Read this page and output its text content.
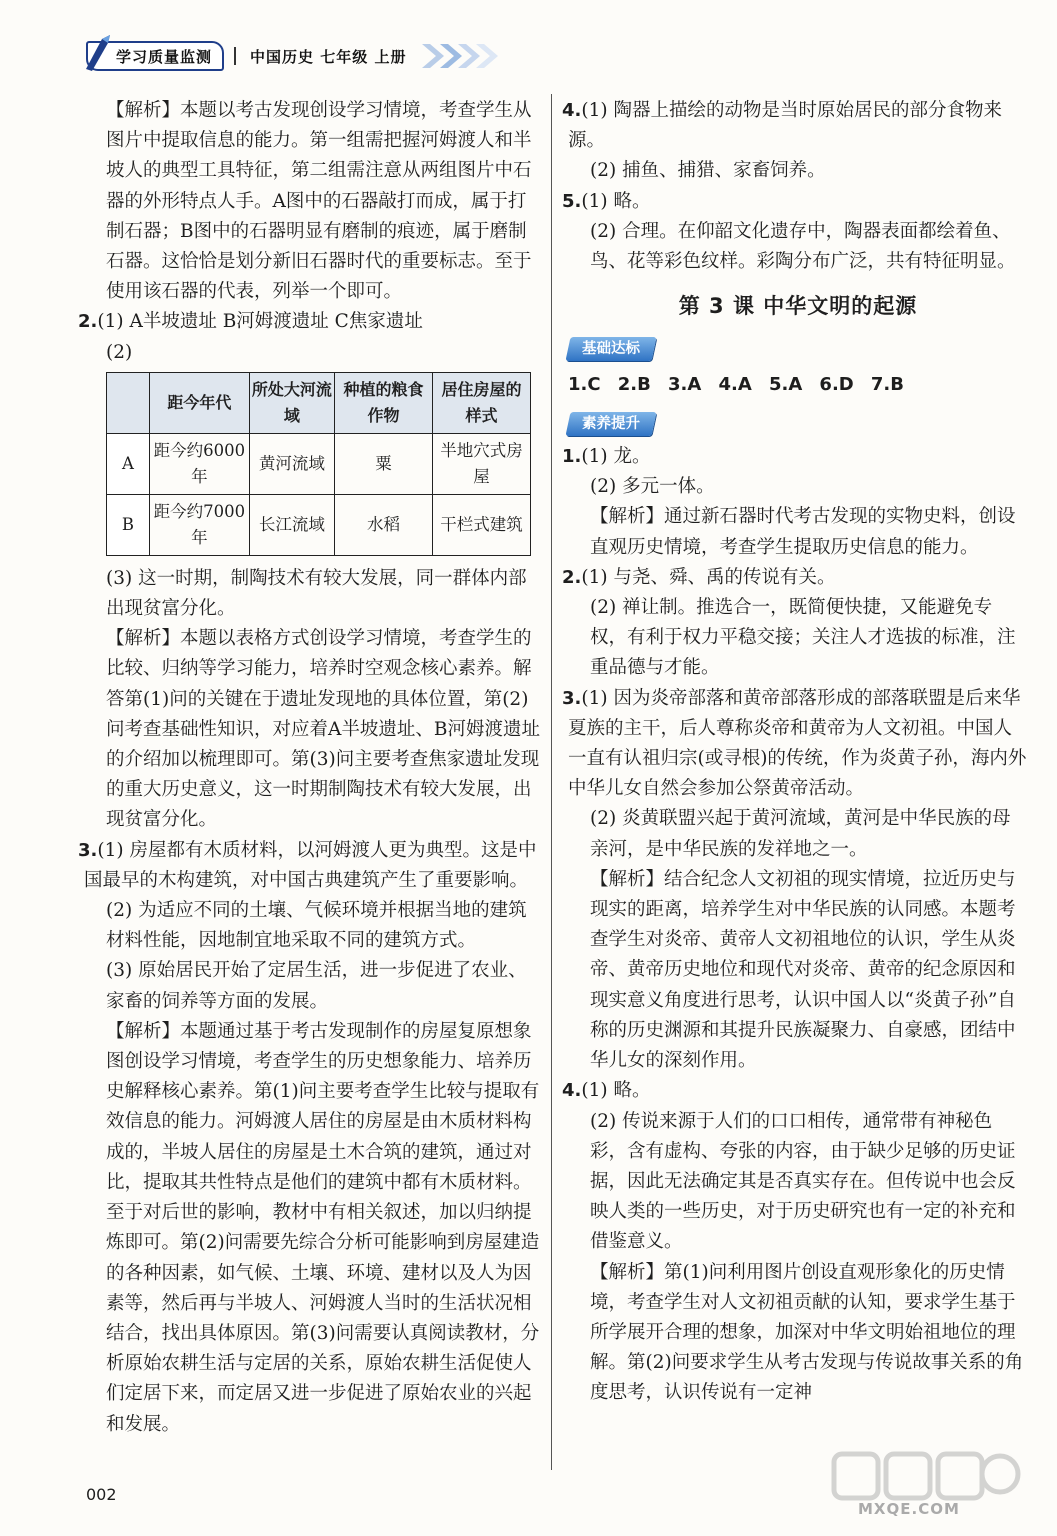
学习质量监测	中国历史 七年级 上册

【解析】本题以考古发现创设学习情境，考查学生从图片中提取信息的能力。第一组需把握河姆渡人和半坡人的典型工具特征，第二组需注意从两组图片中石器的外形特点人手。A图中的石器敲打而成，属于打制石器；B图中的石器明显有磨制的痕迹，属于磨制石器。这恰恰是划分新旧石器时代的重要标志。至于使用该石器的代表，列举一个即可。

2.(1) A半坡遗址 B河姆渡遗址 C焦家遗址

(2)

	距今年代	所处大河流域	种植的粮食作物	居住房屋的样式
A	距今约6000年	黄河流域	粟	半地穴式房屋
B	距今约7000年	长江流域	水稻	干栏式建筑

(3) 这一时期，制陶技术有较大发展，同一群体内部出现贫富分化。

【解析】本题以表格方式创设学习情境，考查学生的比较、归纳等学习能力，培养时空观念核心素养。解答第(1)问的关键在于遗址发现地的具体位置，第(2)问考查基础性知识，对应着A半坡遗址、B河姆渡遗址的介绍加以梳理即可。第(3)问主要考查焦家遗址发现的重大历史意义，这一时期制陶技术有较大发展，出现贫富分化。

3.(1) 房屋都有木质材料，以河姆渡人更为典型。这是中国最早的木构建筑，对中国古典建筑产生了重要影响。

(2) 为适应不同的土壤、气候环境并根据当地的建筑材料性能，因地制宜地采取不同的建筑方式。

(3) 原始居民开始了定居生活，进一步促进了农业、家畜的饲养等方面的发展。

【解析】本题通过基于考古发现制作的房屋复原想象图创设学习情境，考查学生的历史想象能力、培养历史解释核心素养。第(1)问主要考查学生比较与提取有效信息的能力。河姆渡人居住的房屋是由木质材料构成的，半坡人居住的房屋是土木合筑的建筑，通过对比，提取其共性特点是他们的建筑中都有木质材料。至于对后世的影响，教材中有相关叙述，加以归纳提炼即可。第(2)问需要先综合分析可能影响到房屋建造的各种因素，如气候、土壤、环境、建材以及人为因素等，然后再与半坡人、河姆渡人当时的生活状况相结合，找出具体原因。第(3)问需要认真阅读教材，分析原始农耕生活与定居的关系，原始农耕生活促使人们定居下来，而定居又进一步促进了原始农业的兴起和发展。

4.(1) 陶器上描绘的动物是当时原始居民的部分食物来源。

(2) 捕鱼、捕猎、家畜饲养。

5.(1) 略。

(2) 合理。在仰韶文化遗存中，陶器表面都绘着鱼、鸟、花等彩色纹样。彩陶分布广泛，共有特征明显。

第 3 课 中华文明的起源
基础达标
1.C 2.B 3.A 4.A 5.A 6.D 7.B
素养提升

1.(1) 龙。

(2) 多元一体。

【解析】通过新石器时代考古发现的实物史料，创设直观历史情境，考查学生提取历史信息的能力。

2.(1) 与尧、舜、禹的传说有关。

(2) 禅让制。推选合一，既简便快捷，又能避免专权，有利于权力平稳交接；关注人才选拔的标准，注重品德与才能。

3.(1) 因为炎帝部落和黄帝部落形成的部落联盟是后来华夏族的主干，后人尊称炎帝和黄帝为人文初祖。中国人一直有认祖归宗(或寻根)的传统，作为炎黄子孙，海内外中华儿女自然会参加公祭黄帝活动。

(2) 炎黄联盟兴起于黄河流域，黄河是中华民族的母亲河，是中华民族的发祥地之一。

【解析】结合纪念人文初祖的现实情境，拉近历史与现实的距离，培养学生对中华民族的认同感。本题考查学生对炎帝、黄帝人文初祖地位的认识，学生从炎帝、黄帝历史地位和现代对炎帝、黄帝的纪念原因和现实意义角度进行思考，认识中国人以“炎黄子孙”自称的历史渊源和其提升民族凝聚力、自豪感，团结中华儿女的深刻作用。

4.(1) 略。

(2) 传说来源于人们的口口相传，通常带有神秘色彩，含有虚构、夸张的内容，由于缺少足够的历史证据，因此无法确定其是否真实存在。但传说中也会反映人类的一些历史，对于历史研究也有一定的补充和借鉴意义。

【解析】第(1)问利用图片创设直观形象化的历史情境，考查学生对人文初祖贡献的认知，要求学生基于所学展开合理的想象，加深对中华文明始祖地位的理解。第(2)问要求学生从考古发现与传说故事关系的角度思考，认识传说有一定神

002
MXQE.COM
